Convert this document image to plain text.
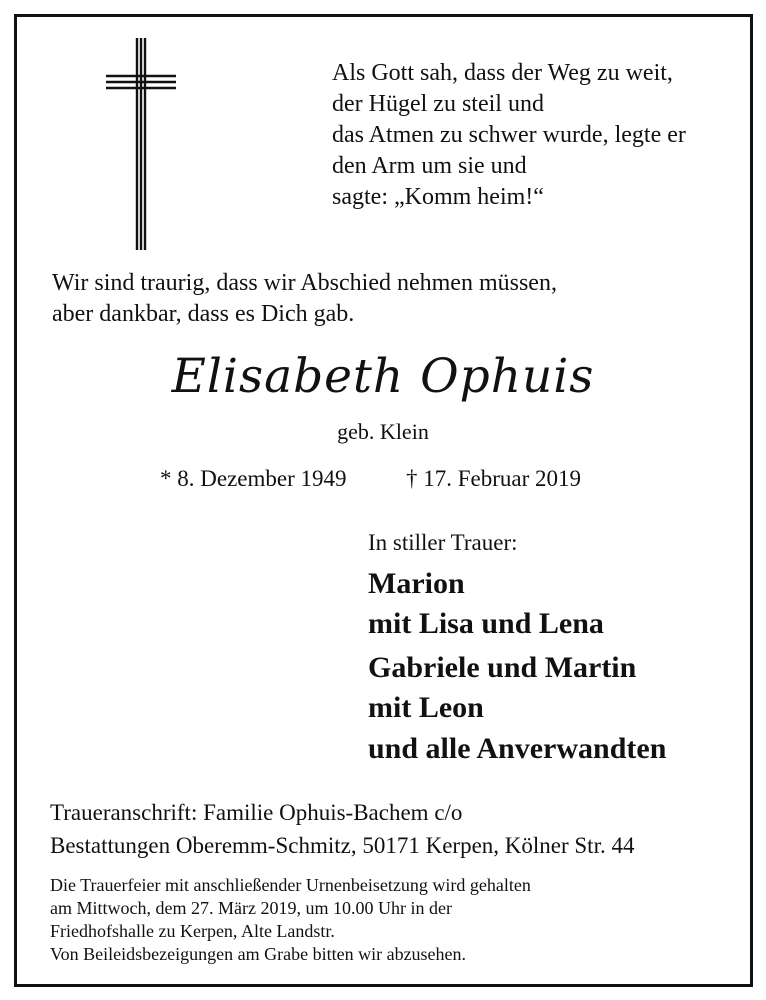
Als Gott sah, dass der Weg zu weit,
der Hügel zu steil und
das Atmen zu schwer wurde, legte er
den Arm um sie und
sagte: „Komm heim!“
Wir sind traurig, dass wir Abschied nehmen müssen,
aber dankbar, dass es Dich gab.
Elisabeth Ophuis
geb. Klein
* 8. Dezember 1949	† 17. Februar 2019
In stiller Trauer:
Marion
mit Lisa und Lena
Gabriele und Martin
mit Leon
und alle Anverwandten
Traueranschrift: Familie Ophuis-Bachem c/o
Bestattungen Oberemm-Schmitz, 50171 Kerpen, Kölner Str. 44
Die Trauerfeier mit anschließender Urnenbeisetzung wird gehalten
am Mittwoch, dem 27. März 2019, um 10.00 Uhr in der
Friedhofshalle zu Kerpen, Alte Landstr.
Von Beileidsbezeigungen am Grabe bitten wir abzusehen.
